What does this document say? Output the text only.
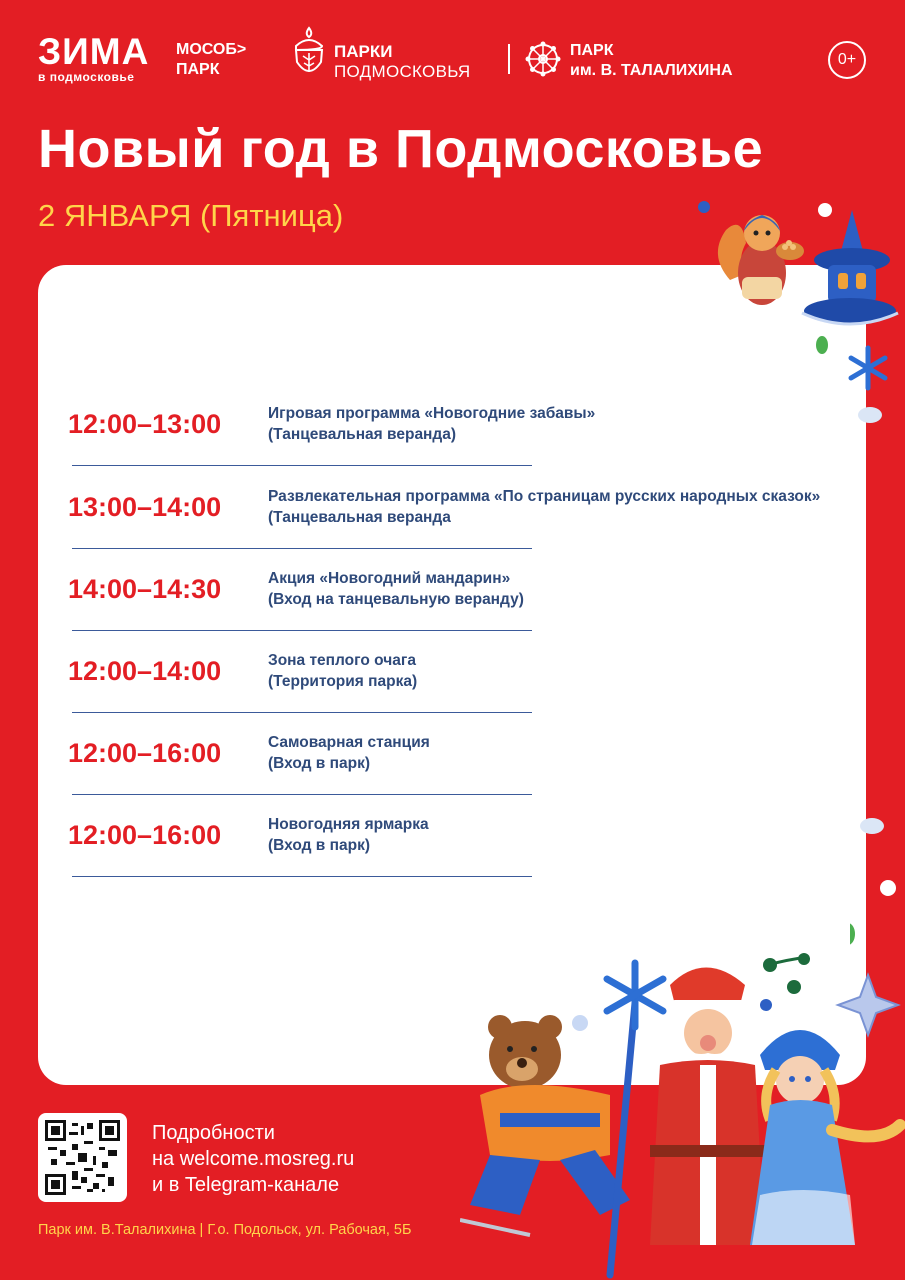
ЗИМА
в подмосковье
МОСОБ>
ПАРК
ПАРКИ
ПОДМОСКОВЬЯ
ПАРК
им. В. ТАЛАЛИХИНА
0+
Новый год в Подмосковье
2 ЯНВАРЯ (Пятница)
12:00–13:00	Игровая программа «Новогодние забавы»
(Танцевальная веранда)
13:00–14:00	Развлекательная программа «По страницам русских народных сказок»
(Танцевальная веранда
14:00–14:30	Акция «Новогодний мандарин»
(Вход на танцевальную веранду)
12:00–14:00	Зона теплого очага
(Территория парка)
12:00–16:00	Самоварная станция
(Вход в парк)
12:00–16:00	Новогодняя ярмарка
(Вход в парк)
Подробности
на welcome.mosreg.ru
и в Telegram-канале
Парк им. В.Талалихина | Г.о. Подольск, ул. Рабочая, 5Б
